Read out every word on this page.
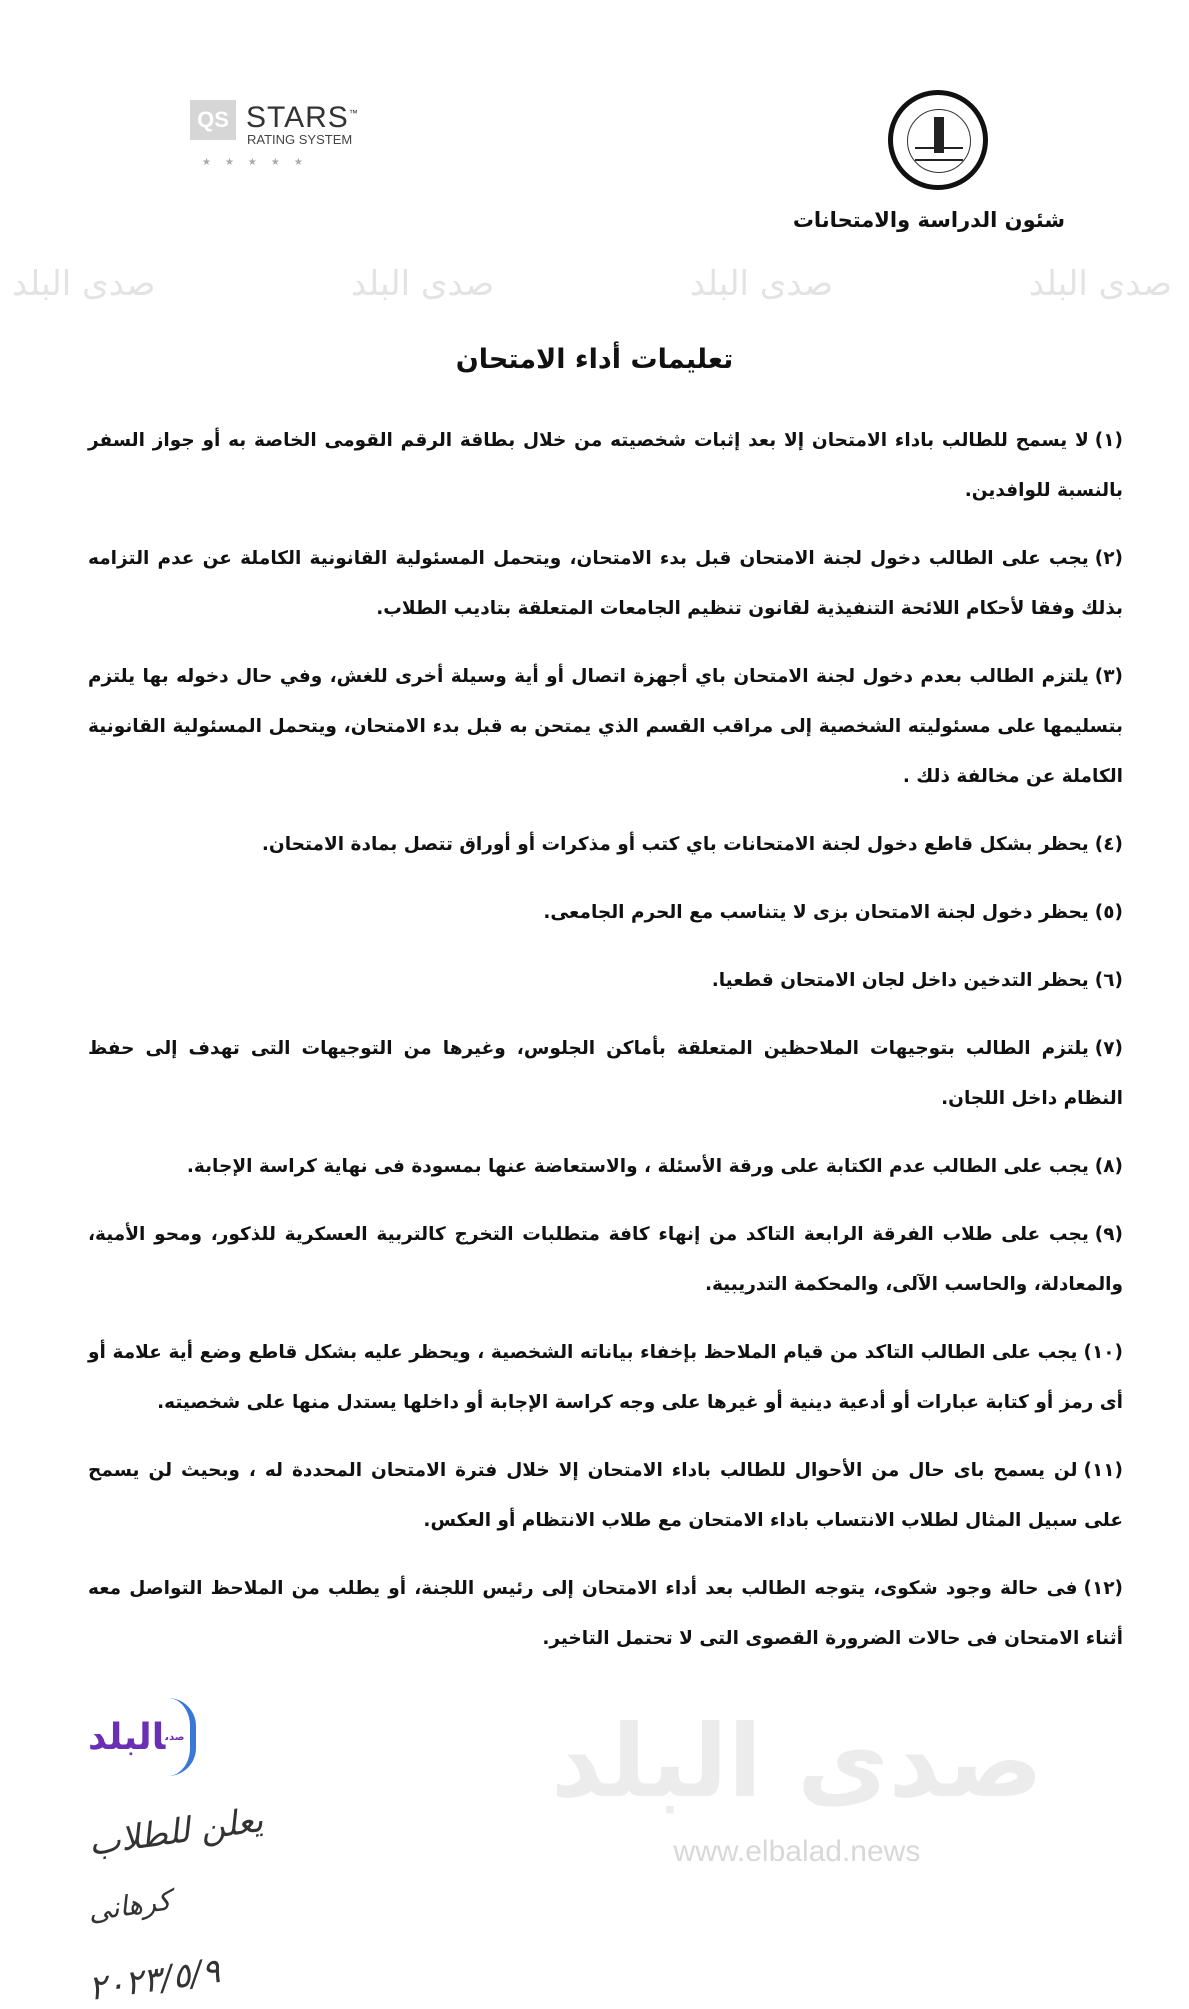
QS STARS™
RATING SYSTEM
★★★★★
شئون الدراسة والامتحانات
صدى البلد
صدى البلد
صدى البلد
صدى البلد
تعليمات أداء الامتحان
(١)لا يسمح للطالب باداء الامتحان إلا بعد إثبات شخصيته من خلال بطاقة الرقم القومى الخاصة به أو جواز السفر بالنسبة للوافدين.
(٢)يجب على الطالب دخول لجنة الامتحان قبل بدء الامتحان، ويتحمل المسئولية القانونية الكاملة عن عدم التزامه بذلك وفقا لأحكام اللائحة التنفيذية لقانون تنظيم الجامعات المتعلقة بتاديب الطلاب.
(٣)يلتزم الطالب بعدم دخول لجنة الامتحان باي أجهزة اتصال أو أية وسيلة أخرى للغش، وفي حال دخوله بها يلتزم بتسليمها على مسئوليته الشخصية إلى مراقب القسم الذي يمتحن به قبل بدء الامتحان، ويتحمل المسئولية القانونية الكاملة عن مخالفة ذلك .
(٤)يحظر بشكل قاطع دخول لجنة الامتحانات باي كتب أو مذكرات أو أوراق تتصل بمادة الامتحان.
(٥)يحظر دخول لجنة الامتحان بزى لا يتناسب مع الحرم الجامعى.
(٦)يحظر التدخين داخل لجان الامتحان قطعيا.
(٧)يلتزم الطالب بتوجيهات الملاحظين المتعلقة بأماكن الجلوس، وغيرها من التوجيهات التى تهدف إلى حفظ النظام داخل اللجان.
(٨)يجب على الطالب عدم الكتابة على ورقة الأسئلة ، والاستعاضة عنها بمسودة فى نهاية كراسة الإجابة.
(٩)يجب على طلاب الفرقة الرابعة التاكد من إنهاء كافة متطلبات التخرج كالتربية العسكرية للذكور، ومحو الأمية، والمعادلة، والحاسب الآلى، والمحكمة التدريبية.
(١٠)يجب على الطالب التاكد من قيام الملاحظ بإخفاء بياناته الشخصية ، ويحظر عليه بشكل قاطع وضع أية علامة أو أى رمز أو كتابة عبارات أو أدعية دينية أو غيرها على وجه كراسة الإجابة أو داخلها يستدل منها على شخصيته.
(١١)لن يسمح باى حال من الأحوال للطالب باداء الامتحان إلا خلال فترة الامتحان المحددة له ، وبحيث لن يسمح على سبيل المثال لطلاب الانتساب باداء الامتحان مع طلاب الانتظام أو العكس.
(١٢)فى حالة وجود شكوى، يتوجه الطالب بعد أداء الامتحان إلى رئيس اللجنة، أو يطلب من الملاحظ التواصل معه أثناء الامتحان فى حالات الضرورة القصوى التى لا تحتمل التاخير.
$^{صدى}$البلد
يعلن للطلاب
كرهانى
٢٠٢٣/٥/٩
صدى البلد
www.elbalad.news
